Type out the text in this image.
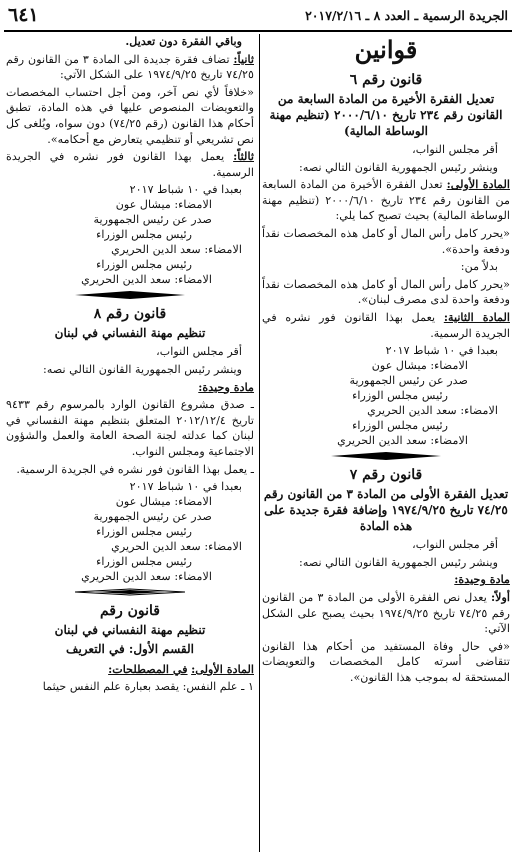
الجريدة الرسمية ـ العدد ٨ ـ ٢٠١٧/٢/١٦
٦٤١
قوانين
قانون رقم ٦
تعديل الفقرة الأخيرة من المادة السابعة من القانون رقم ٢٣٤ تاريخ ٢٠٠٠/٦/١٠ (تنظيم مهنة الوساطة المالية)

أقر مجلس النواب،

وينشر رئيس الجمهورية القانون التالي نصه:

المادة الأولى: تعدل الفقرة الأخيرة من المادة السابعة من القانون رقم ٢٣٤ تاريخ ٢٠٠٠/٦/١٠ (تنظيم مهنة الوساطة المالية) بحيث تصبح كما يلي:

«يحرر كامل رأس المال أو كامل هذه المخصصات نقداً ودفعة واحدة».

بدلاً من:

«يحرر كامل رأس المال أو كامل هذه المخصصات نقداً ودفعة واحدة لدى مصرف لبنان».

المادة الثانية: يعمل بهذا القانون فور نشره في الجريدة الرسمية.

بعبدا في ١٠ شباط ٢٠١٧

الامضاء: ميشال عون

صدر عن رئيس الجمهورية

رئيس مجلس الوزراء

الامضاء: سعد الدين الحريري

رئيس مجلس الوزراء

الامضاء: سعد الدين الحريري

قانون رقم ٧
تعديل الفقرة الأولى من المادة ٣ من القانون رقم ٧٤/٢٥ تاريخ ١٩٧٤/٩/٢٥ وإضافة فقرة جديدة على هذه المادة

أقر مجلس النواب،

وينشر رئيس الجمهورية القانون التالي نصه:

مادة وحيدة:

أولاً: يعدل نص الفقرة الأولى من المادة ٣ من القانون رقم ٧٤/٢٥ تاريخ ١٩٧٤/٩/٢٥ بحيث يصبح على الشكل الآتي:

«في حال وفاة المستفيد من أحكام هذا القانون تتقاضى أسرته كامل المخصصات والتعويضات المستحقة له بموجب هذا القانون».

وباقي الفقرة دون تعديل.

ثانياً: تضاف فقرة جديدة الى المادة ٣ من القانون رقم ٧٤/٢٥ تاريخ ١٩٧٤/٩/٢٥ على الشكل الآتي:

«خلافاً لأي نص آخر، ومن أجل احتساب المخصصات والتعويضات المنصوص عليها في هذه المادة، تطبق أحكام هذا القانون (رقم ٧٤/٢٥) دون سواه، ويُلغى كل نص تشريعي أو تنظيمي يتعارض مع أحكامه».

ثالثاً: يعمل بهذا القانون فور نشره في الجريدة الرسمية.

بعبدا في ١٠ شباط ٢٠١٧

الامضاء: ميشال عون

صدر عن رئيس الجمهورية

رئيس مجلس الوزراء

الامضاء: سعد الدين الحريري

رئيس مجلس الوزراء

الامضاء: سعد الدين الحريري

قانون رقم ٨
تنظيم مهنة النفساني في لبنان

أقر مجلس النواب،

وينشر رئيس الجمهورية القانون التالي نصه:

مادة وحيدة:

ـ صدق مشروع القانون الوارد بالمرسوم رقم ٩٤٣٣ تاريخ ٢٠١٢/١٢/٤ المتعلق بتنظيم مهنة النفساني في لبنان كما عدلته لجنة الصحة العامة والعمل والشؤون الاجتماعية ومجلس النواب.

ـ يعمل بهذا القانون فور نشره في الجريدة الرسمية.

بعبدا في ١٠ شباط ٢٠١٧

الامضاء: ميشال عون

صدر عن رئيس الجمهورية

رئيس مجلس الوزراء

الامضاء: سعد الدين الحريري

رئيس مجلس الوزراء

الامضاء: سعد الدين الحريري

قانون رقم
تنظيم مهنة النفساني في لبنان
القسم الأول: في التعريف

المادة الأولى: في المصطلحات:

١ ـ علم النفس: يقصد بعبارة علم النفس حيثما
